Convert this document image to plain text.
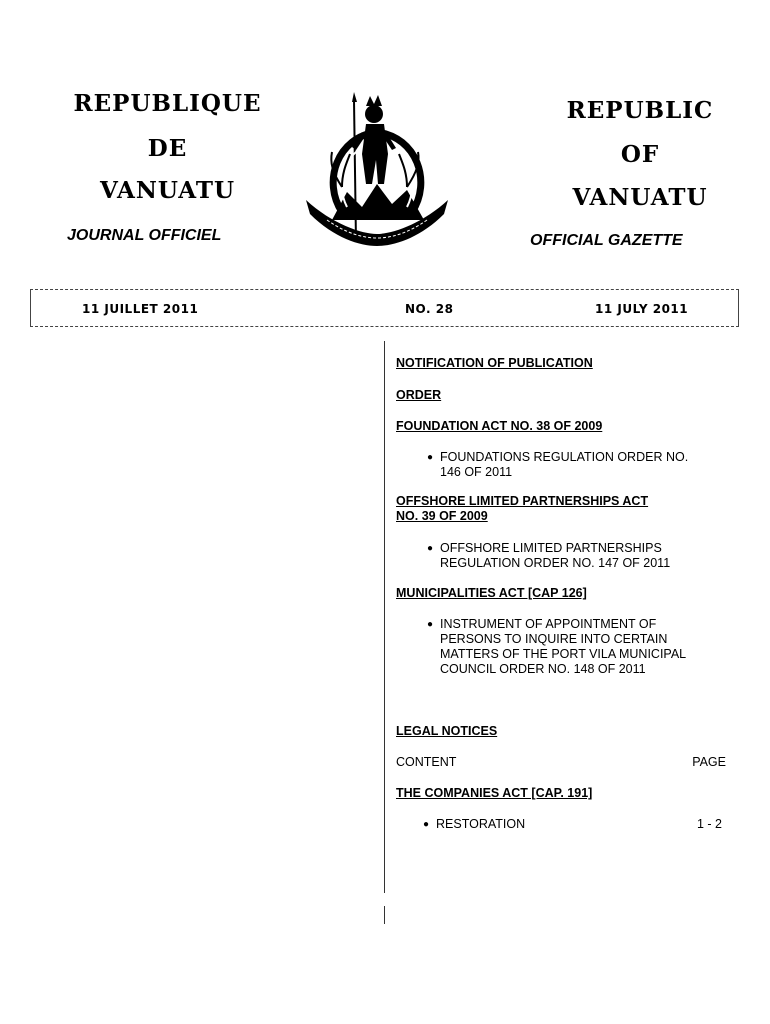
REPUBLIQUE
DE
VANUATU
JOURNAL OFFICIEL
REPUBLIC
OF
VANUATU
OFFICIAL GAZETTE
11 JUILLET 2011	NO. 28	11 JULY 2011
NOTIFICATION OF PUBLICATION
ORDER
FOUNDATION ACT NO. 38 OF 2009
● FOUNDATIONS REGULATION ORDER NO. 146 OF 2011
OFFSHORE LIMITED PARTNERSHIPS ACT
NO. 39 OF 2009
● OFFSHORE LIMITED PARTNERSHIPS REGULATION ORDER NO. 147 OF 2011
MUNICIPALITIES ACT [CAP 126]
● INSTRUMENT OF APPOINTMENT OF PERSONS TO INQUIRE INTO CERTAIN MATTERS OF THE PORT VILA MUNICIPAL COUNCIL ORDER NO. 148 OF 2011
LEGAL NOTICES
CONTENT	PAGE
THE COMPANIES ACT [CAP. 191]
● RESTORATION	1 - 2
